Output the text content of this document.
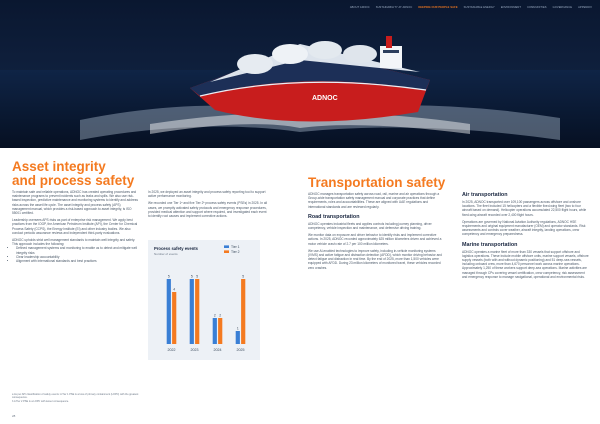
ADNOC
ABOUT ADNOC SUSTAINABILITY AT ADNOC KEEPING OUR PEOPLE SAFE SUSTAINABLE ENERGY ENVIRONMENT COMMUNITIES GOVERNANCE APPENDIX
Asset integrity
and process safety

To maintain safe and reliable operations, ADNOC has created operating procedures and maintenance programs to prevent incidents such as leaks and spills. We also use risk-based inspection, predictive maintenance and monitoring systems to identify and address risks across the asset life cycle. The asset integrity and process safety (APS) management manual, which provides a risk-based approach to asset integrity, is ISO 55001 certified.

Leadership oversees APS risks as part of enterprise risk management. We apply best practices from the IOGP, the American Petroleum Institute (API), the Center for Chemical Process Safety (CCPS), the Energy Institute (EI) and other industry bodies. We also conduct periodic assurance reviews and independent third-party evaluations.

ADNOC upholds strict well management standards to maintain well integrity and safety. This approach includes the following:

• Defined management systems and monitoring to enable us to detect and mitigate well integrity risks
• Clear leadership accountability
• Alignment with international standards and best practices

In 2025, we deployed an asset integrity and process safety reporting tool to support active performance monitoring.

We recorded one Tier 1ᵃ and five Tier 2ᵇ process safety events (PSEs) in 2025. In all cases, we promptly activated safety protocols and emergency response procedures, provided medical attention and support where required, and investigated each event to identify root causes and implement corrective actions.

Process safety events
Number of events
Tier 1
Tier 2
5
4
5 5
2 2
1
5
2022	2023	2024	2025
a As per API classification of safety events: A Tier 1 PSE is a loss of primary containment (LOPC) with the greatest consequence.
b A Tier 2 PSE is a LOPC with lesser consequence.
28
Transportation safety

ADNOC manages transportation safety across road, rail, marine and air operations through a Group-wide transportation safety management manual and corporate practices that define requirements, roles and accountabilities. These are aligned with UAE regulations and international standards and are reviewed regularly.

Road transportation

ADNOC operates industrial fleets and applies controls including journey planning, driver competency, vehicle inspection and maintenance, and defensive driving training.

We monitor data on exposure and driver behavior to identify risks and implement corrective actions. In 2025, ADNOC recorded approximately 625 million kilometers driven and achieved a motor vehicle crash rate of 2.7 per 100 million kilometers.

We use AI-enabled technologies to improve safety, including in-vehicle monitoring systems (IVMS) and active fatigue and distraction detection (AFDD), which monitor driving behavior and detect fatigue and distraction in real time. By the end of 2025, more than 1,500 vehicles were equipped with AFDD. During 23 million kilometers of monitored travel, these vehicles recorded zero crashes.

Air transportation

In 2025, ADNOC transported over 109,100 passengers across offshore and onshore locations. The fleet included 15 helicopters and a flexible fixed-wing fleet (two to four aircraft based on demand). Helicopter operations accumulated 22,500 flight hours, while fixed-wing aircraft recorded over 2,400 flight hours.

Operations are governed by National Aviation Authority regulations, ADNOC HSE requirements and original equipment manufacturer (OEM) and operator standards. Risk assessments and controls cover weather, aircraft integrity, landing operations, crew competency and emergency preparedness.

Marine transportation

ADNOC operates a marine fleet of more than 330 vessels that support offshore and logistics operations. These include mobile offshore units, marine support vessels, offshore supply vessels (both with and without dynamic positioning) and 51 deep-sea vessels, including onboard crew, more than 4,670 personnel work across marine operations. Approximately 1,250 of these workers support deep-sea operations. Marine activities are managed through CPs covering vessel certification, crew competency, risk assessment and emergency response to manage navigational, operational and environmental risks.
